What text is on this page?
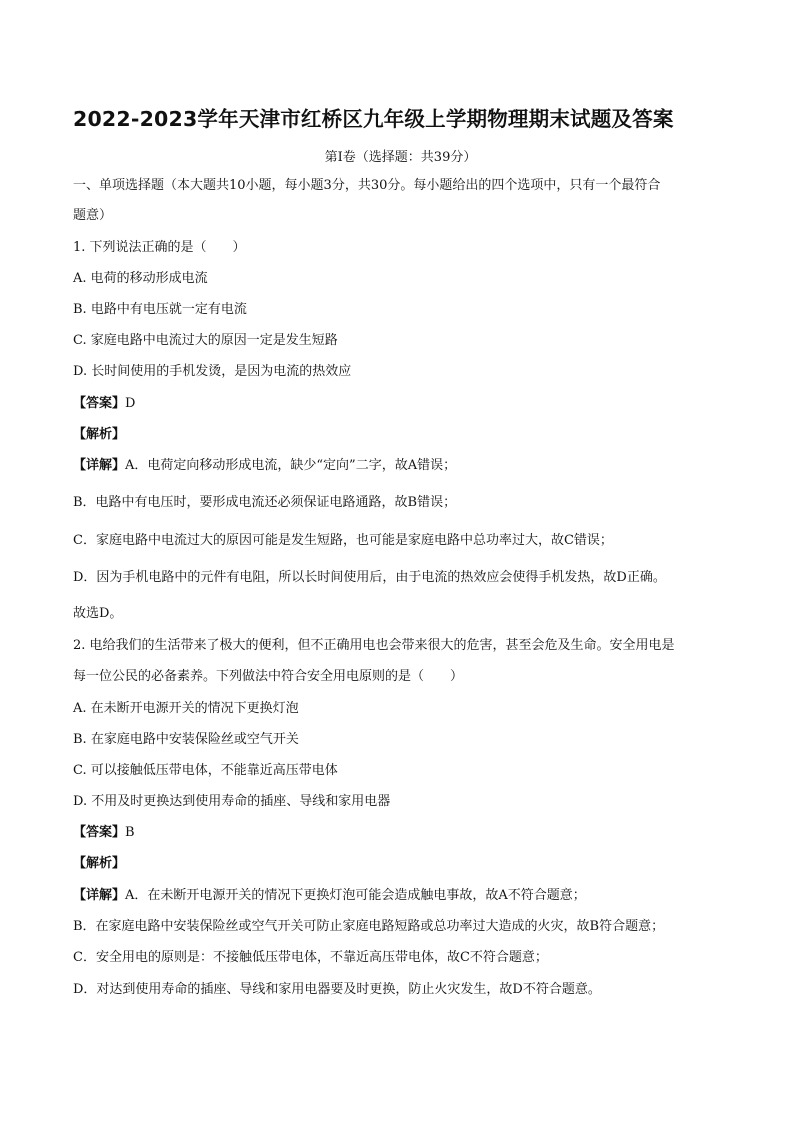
2022-2023学年天津市红桥区九年级上学期物理期末试题及答案
第Ⅰ卷（选择题：共39分）
一、单项选择题（本大题共10小题，每小题3分，共30分。每小题给出的四个选项中，只有一个最符合
题意）
1. 下列说法正确的是（　　）
A. 电荷的移动形成电流
B. 电路中有电压就一定有电流
C. 家庭电路中电流过大的原因一定是发生短路
D. 长时间使用的手机发烫，是因为电流的热效应
【答案】D
【解析】
【详解】A．电荷定向移动形成电流，缺少“定向”二字，故A错误；
B．电路中有电压时，要形成电流还必须保证电路通路，故B错误；
C．家庭电路中电流过大的原因可能是发生短路，也可能是家庭电路中总功率过大，故C错误；
D．因为手机电路中的元件有电阻，所以长时间使用后，由于电流的热效应会使得手机发热，故D正确。
故选D。
2. 电给我们的生活带来了极大的便利，但不正确用电也会带来很大的危害，甚至会危及生命。安全用电是
每一位公民的必备素养。下列做法中符合安全用电原则的是（　　）
A. 在未断开电源开关的情况下更换灯泡
B. 在家庭电路中安装保险丝或空气开关
C. 可以接触低压带电体，不能靠近高压带电体
D. 不用及时更换达到使用寿命的插座、导线和家用电器
【答案】B
【解析】
【详解】A．在未断开电源开关的情况下更换灯泡可能会造成触电事故，故A不符合题意；
B．在家庭电路中安装保险丝或空气开关可防止家庭电路短路或总功率过大造成的火灾，故B符合题意；
C．安全用电的原则是：不接触低压带电体，不靠近高压带电体，故C不符合题意；
D．对达到使用寿命的插座、导线和家用电器要及时更换，防止火灾发生，故D不符合题意。
